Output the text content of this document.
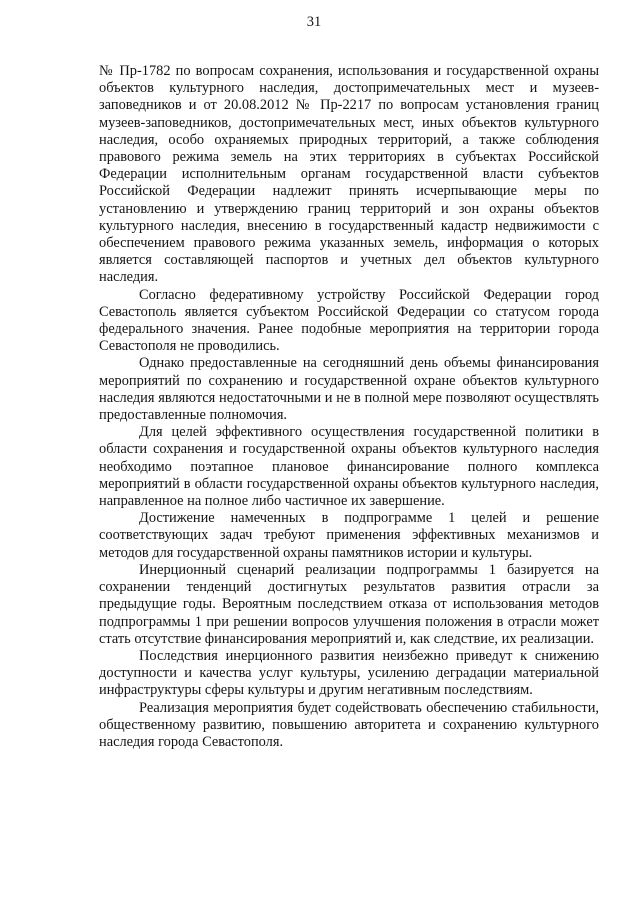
31

№ Пр-1782 по вопросам сохранения, использования и государственной охраны объектов культурного наследия, достопримечательных мест и музеев-заповедников и от 20.08.2012 № Пр-2217 по вопросам установления границ музеев-заповедников, достопримечательных мест, иных объектов культурного наследия, особо охраняемых природных территорий, а также соблюдения правового режима земель на этих территориях в субъектах Российской Федерации исполнительным органам государственной власти субъектов Российской Федерации надлежит принять исчерпывающие меры по установлению и утверждению границ территорий и зон охраны объектов культурного наследия, внесению в государственный кадастр недвижимости с обеспечением правового режима указанных земель, информация о которых является составляющей паспортов и учетных дел объектов культурного наследия.

Согласно федеративному устройству Российской Федерации город Севастополь является субъектом Российской Федерации со статусом города федерального значения. Ранее подобные мероприятия на территории города Севастополя не проводились.

Однако предоставленные на сегодняшний день объемы финансирования мероприятий по сохранению и государственной охране объектов культурного наследия являются недостаточными и не в полной мере позволяют осуществлять предоставленные полномочия.

Для целей эффективного осуществления государственной политики в области сохранения и государственной охраны объектов культурного наследия необходимо поэтапное плановое финансирование полного комплекса мероприятий в области государственной охраны объектов культурного наследия, направленное на полное либо частичное их завершение.

Достижение намеченных в подпрограмме 1 целей и решение соответствующих задач требуют применения эффективных механизмов и методов для государственной охраны памятников истории и культуры.

Инерционный сценарий реализации подпрограммы 1 базируется на сохранении тенденций достигнутых результатов развития отрасли за предыдущие годы. Вероятным последствием отказа от использования методов подпрограммы 1 при решении вопросов улучшения положения в отрасли может стать отсутствие финансирования мероприятий и, как следствие, их реализации.

Последствия инерционного развития неизбежно приведут к снижению доступности и качества услуг культуры, усилению деградации материальной инфраструктуры сферы культуры и другим негативным последствиям.

Реализация мероприятия будет содействовать обеспечению стабильности, общественному развитию, повышению авторитета и сохранению культурного наследия города Севастополя.
